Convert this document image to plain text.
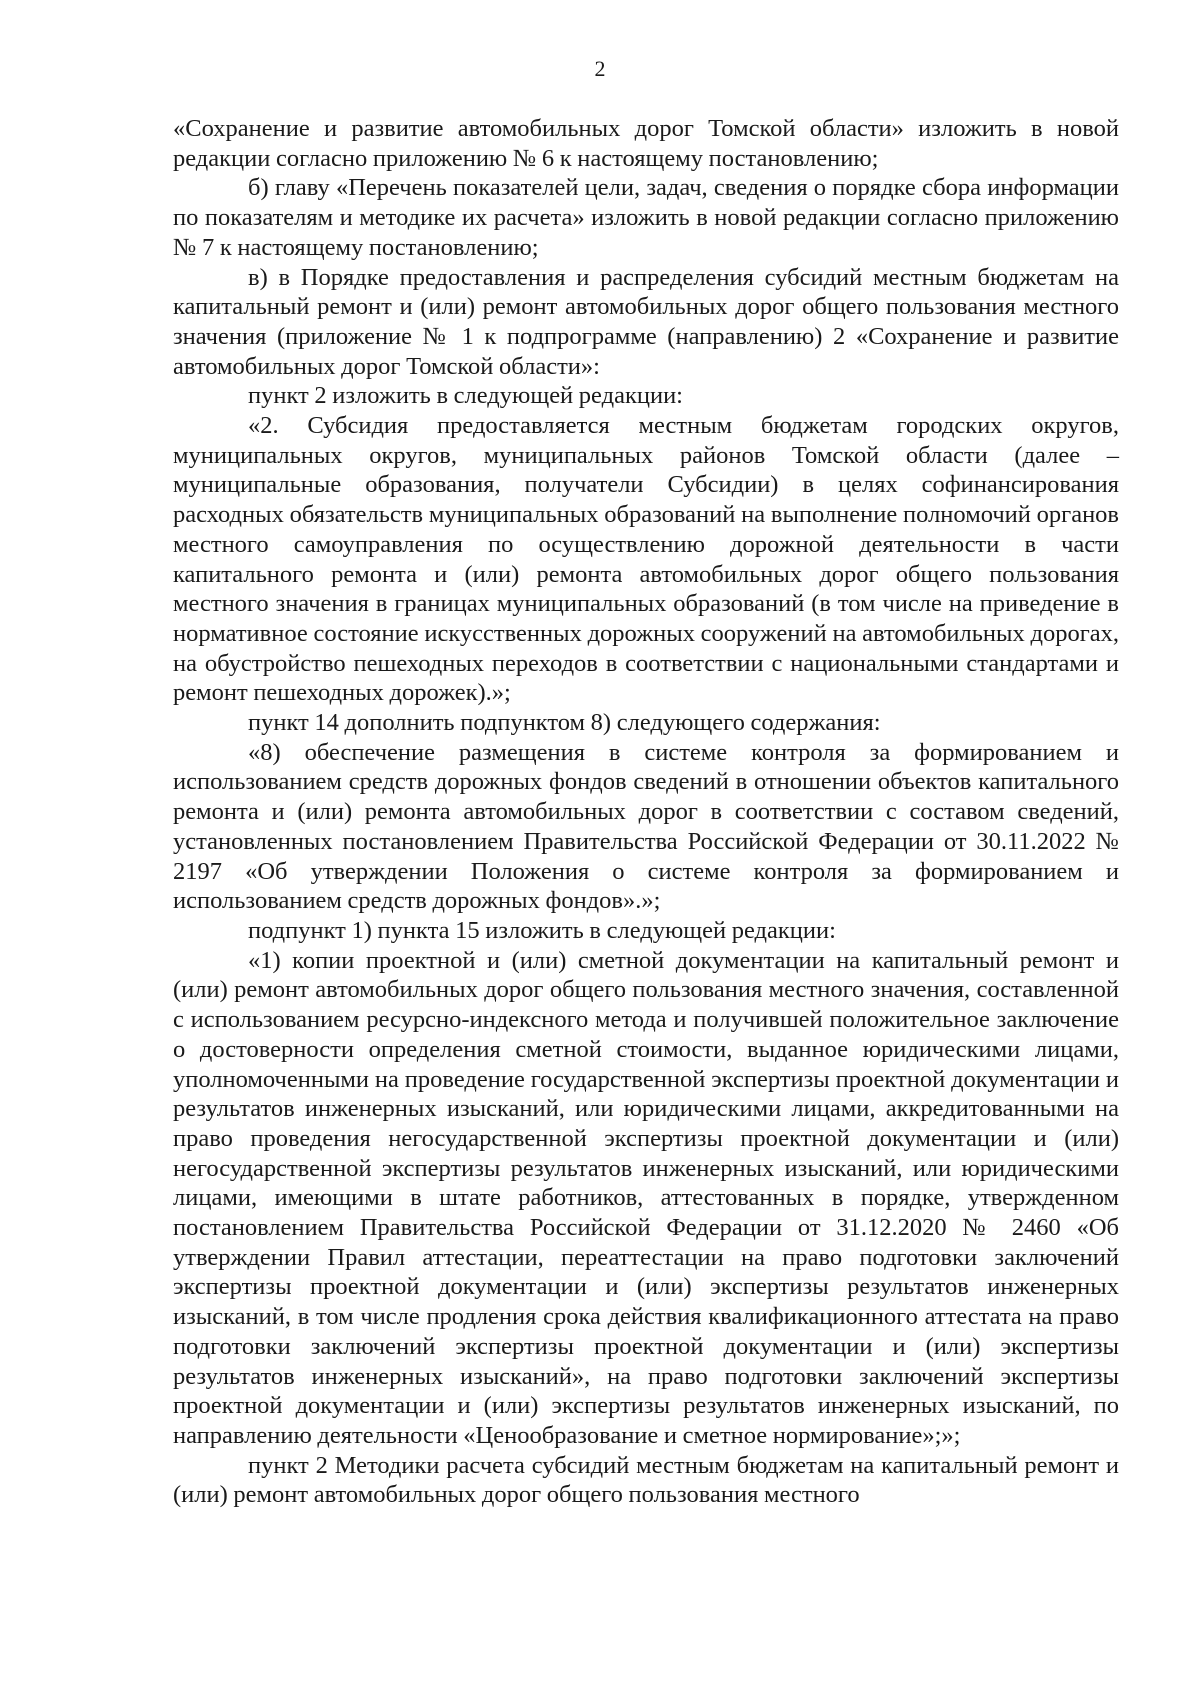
2

«Сохранение и развитие автомобильных дорог Томской области» изложить в новой редакции согласно приложению № 6 к настоящему постановлению;

б) главу «Перечень показателей цели, задач, сведения о порядке сбора информации по показателям и методике их расчета» изложить в новой редакции согласно приложению № 7 к настоящему постановлению;

в) в Порядке предоставления и распределения субсидий местным бюджетам на капитальный ремонт и (или) ремонт автомобильных дорог общего пользования местного значения (приложение № 1 к подпрограмме (направлению) 2 «Сохранение и развитие автомобильных дорог Томской области»:

пункт 2 изложить в следующей редакции:

«2. Субсидия предоставляется местным бюджетам городских округов, муниципальных округов, муниципальных районов Томской области (далее – муниципальные образования, получатели Субсидии) в целях софинансирования расходных обязательств муниципальных образований на выполнение полномочий органов местного самоуправления по осуществлению дорожной деятельности в части капитального ремонта и (или) ремонта автомобильных дорог общего пользования местного значения в границах муниципальных образований (в том числе на приведение в нормативное состояние искусственных дорожных сооружений на автомобильных дорогах, на обустройство пешеходных переходов в соответствии с национальными стандартами и ремонт пешеходных дорожек).»;

пункт 14 дополнить подпунктом 8) следующего содержания:

«8) обеспечение размещения в системе контроля за формированием и использованием средств дорожных фондов сведений в отношении объектов капитального ремонта и (или) ремонта автомобильных дорог в соответствии с составом сведений, установленных постановлением Правительства Российской Федерации от 30.11.2022 № 2197 «Об утверждении Положения о системе контроля за формированием и использованием средств дорожных фондов».»;

подпункт 1) пункта 15 изложить в следующей редакции:

«1) копии проектной и (или) сметной документации на капитальный ремонт и (или) ремонт автомобильных дорог общего пользования местного значения, составленной с использованием ресурсно-индексного метода и получившей положительное заключение о достоверности определения сметной стоимости, выданное юридическими лицами, уполномоченными на проведение государственной экспертизы проектной документации и результатов инженерных изысканий, или юридическими лицами, аккредитованными на право проведения негосударственной экспертизы проектной документации и (или) негосударственной экспертизы результатов инженерных изысканий, или юридическими лицами, имеющими в штате работников, аттестованных в порядке, утвержденном постановлением Правительства Российской Федерации от 31.12.2020 № 2460 «Об утверждении Правил аттестации, переаттестации на право подготовки заключений экспертизы проектной документации и (или) экспертизы результатов инженерных изысканий, в том числе продления срока действия квалификационного аттестата на право подготовки заключений экспертизы проектной документации и (или) экспертизы результатов инженерных изысканий», на право подготовки заключений экспертизы проектной документации и (или) экспертизы результатов инженерных изысканий, по направлению деятельности «Ценообразование и сметное нормирование»;»;

пункт 2 Методики расчета субсидий местным бюджетам на капитальный ремонт и (или) ремонт автомобильных дорог общего пользования местного
